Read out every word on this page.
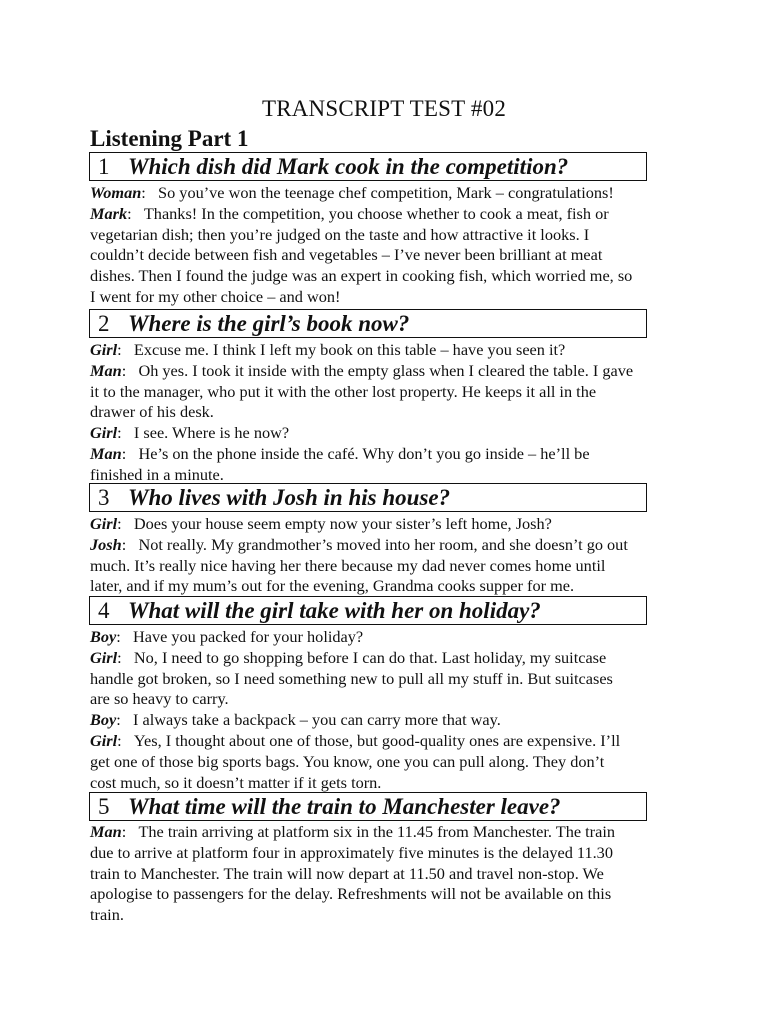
TRANSCRIPT TEST #02
Listening Part 1
1 Which dish did Mark cook in the competition?
Woman:   So you’ve won the teenage chef competition, Mark – congratulations!
Mark:   Thanks! In the competition, you choose whether to cook a meat, fish or
vegetarian dish; then you’re judged on the taste and how attractive it looks. I
couldn’t decide between fish and vegetables – I’ve never been brilliant at meat
dishes. Then I found the judge was an expert in cooking fish, which worried me, so
I went for my other choice – and won!
2 Where is the girl’s book now?
Girl:   Excuse me. I think I left my book on this table – have you seen it?
Man:   Oh yes. I took it inside with the empty glass when I cleared the table. I gave
it to the manager, who put it with the other lost property. He keeps it all in the
drawer of his desk.
Girl:   I see. Where is he now?
Man:   He’s on the phone inside the café. Why don’t you go inside – he’ll be
finished in a minute.
3 Who lives with Josh in his house?
Girl:   Does your house seem empty now your sister’s left home, Josh?
Josh:   Not really. My grandmother’s moved into her room, and she doesn’t go out
much. It’s really nice having her there because my dad never comes home until
later, and if my mum’s out for the evening, Grandma cooks supper for me.
4 What will the girl take with her on holiday?
Boy:   Have you packed for your holiday?
Girl:   No, I need to go shopping before I can do that. Last holiday, my suitcase
handle got broken, so I need something new to pull all my stuff in. But suitcases
are so heavy to carry.
Boy:   I always take a backpack – you can carry more that way.
Girl:   Yes, I thought about one of those, but good-quality ones are expensive. I’ll
get one of those big sports bags. You know, one you can pull along. They don’t
cost much, so it doesn’t matter if it gets torn.
5 What time will the train to Manchester leave?
Man:   The train arriving at platform six in the 11.45 from Manchester. The train
due to arrive at platform four in approximately five minutes is the delayed 11.30
train to Manchester. The train will now depart at 11.50 and travel non-stop. We
apologise to passengers for the delay. Refreshments will not be available on this
train.
